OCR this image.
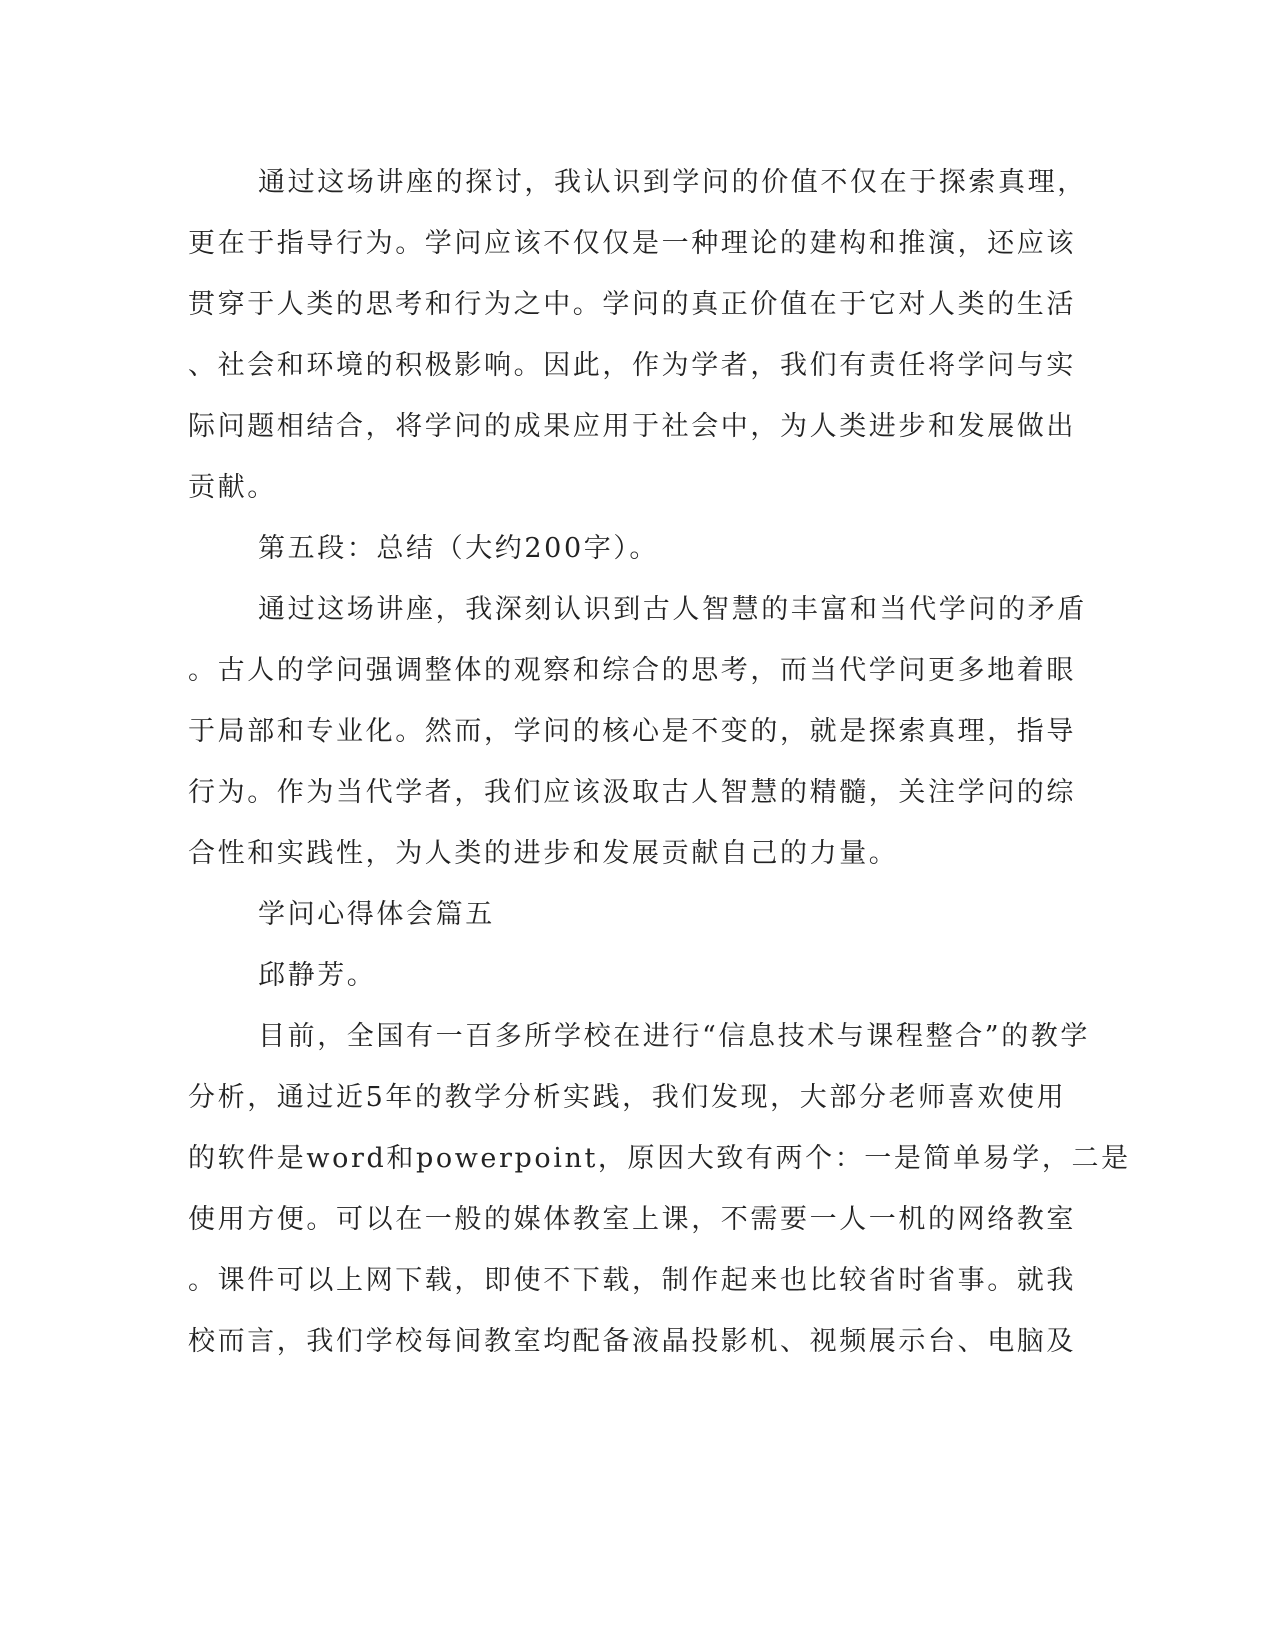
通过这场讲座的探讨，我认识到学问的价值不仅在于探索真理，
更在于指导行为。学问应该不仅仅是一种理论的建构和推演，还应该
贯穿于人类的思考和行为之中。学问的真正价值在于它对人类的生活
、社会和环境的积极影响。因此，作为学者，我们有责任将学问与实
际问题相结合，将学问的成果应用于社会中，为人类进步和发展做出
贡献。

第五段：总结（大约200字）。

通过这场讲座，我深刻认识到古人智慧的丰富和当代学问的矛盾
。古人的学问强调整体的观察和综合的思考，而当代学问更多地着眼
于局部和专业化。然而，学问的核心是不变的，就是探索真理，指导
行为。作为当代学者，我们应该汲取古人智慧的精髓，关注学问的综
合性和实践性，为人类的进步和发展贡献自己的力量。

学问心得体会篇五

邱静芳。

目前，全国有一百多所学校在进行“信息技术与课程整合”的教学
分析，通过近5年的教学分析实践，我们发现，大部分老师喜欢使用
的软件是word和powerpoint，原因大致有两个：一是简单易学，二是
使用方便。可以在一般的媒体教室上课，不需要一人一机的网络教室
。课件可以上网下载，即使不下载，制作起来也比较省时省事。就我
校而言，我们学校每间教室均配备液晶投影机、视频展示台、电脑及
